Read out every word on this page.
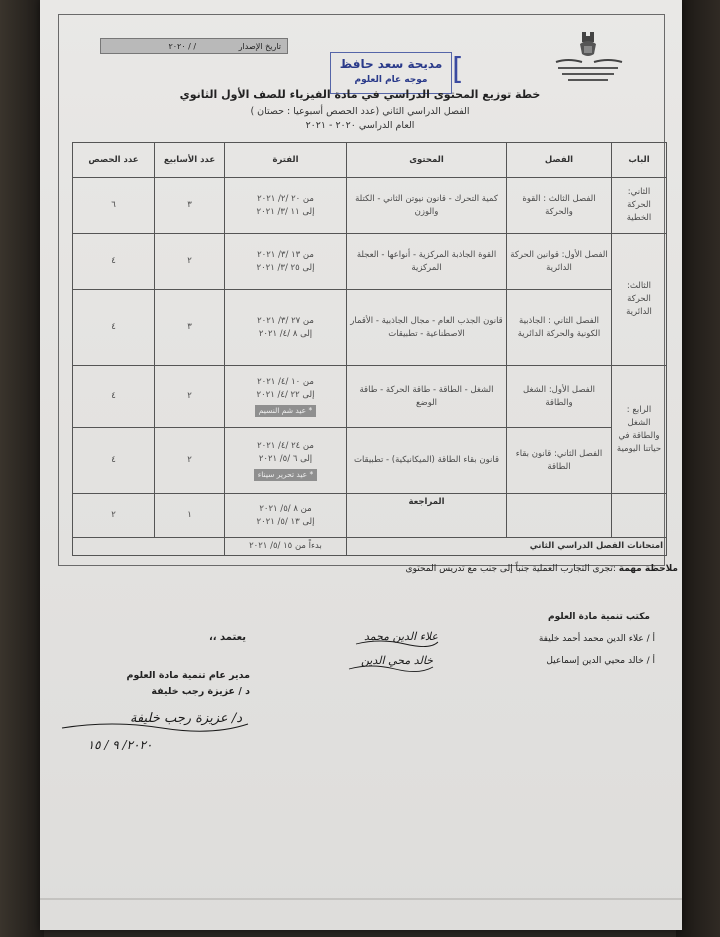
تاريخ الإصدار / / ٢٠٢٠
[
مديحة سعد حافظ
موجه عام العلوم
خطة توزيع المحتوى الدراسي في مادة الفيزياء للصف الأول الثانوي
الفصل الدراسي الثاني (عدد الحصص أسبوعيا : حصتان )
العام الدراسي ٢٠٢٠ - ٢٠٢١
الباب	الفصل	المحتوى	الفترة	عدد الأسابيع	عدد الحصص
الثاني: الحركة الخطية	الفصل الثالث : القوة والحركة	كمية التحرك - قانون نيوتن الثاني - الكتلة والوزن	من ٢٠ /٢/ ٢٠٢١
إلى ١١ /٣/ ٢٠٢١	٣	٦
الثالث: الحركة الدائرية	الفصل الأول: قوانين الحركة الدائرية	القوة الجاذبة المركزية - أنواعها - العجلة المركزية	من ١٣ /٣/ ٢٠٢١
إلى ٢٥ /٣/ ٢٠٢١	٢	٤
	الفصل الثاني : الجاذبية الكونية والحركة الدائرية	قانون الجذب العام - مجال الجاذبية - الأقمار الاصطناعية - تطبيقات	من ٢٧ /٣/ ٢٠٢١
إلى ٨ /٤/ ٢٠٢١	٣	٤
الرابع : الشغل والطاقة في حياتنا اليومية	الفصل الأول: الشغل والطاقة	الشغل - الطاقة - طاقة الحركة - طاقة الوضع	من ١٠ /٤/ ٢٠٢١
إلى ٢٢ /٤/ ٢٠٢١
* عيد شم النسيم	٢	٤
	الفصل الثاني: قانون بقاء الطاقة	قانون بقاء الطاقة (الميكانيكية) - تطبيقات	من ٢٤ /٤/ ٢٠٢١
إلى ٦ /٥/ ٢٠٢١
* عيد تحرير سيناء	٢	٤
		المراجعة	من ٨ /٥/ ٢٠٢١
إلى ١٣ /٥/ ٢٠٢١	١	٢
امتحانات الفصل الدراسي الثاني			بدءاً من ١٥ /٥/ ٢٠٢١		
ملاحظة مهمة :تجرى التجارب العملية جنباً إلى جنب مع تدريس المحتوى
مكتب تنمية مادة العلوم
أ / علاء الدين محمد أحمد خليفة
علاء الدين محمد
أ / خالد محيي الدين إسماعيل
خالد محي الدين
يعتمد ،،
مدير عام تنمية مادة العلوم
د / عزيزة رجب خليفة
د/ عزيزة رجب خليفة
٢٠٢٠/ ٩ / ١٥
